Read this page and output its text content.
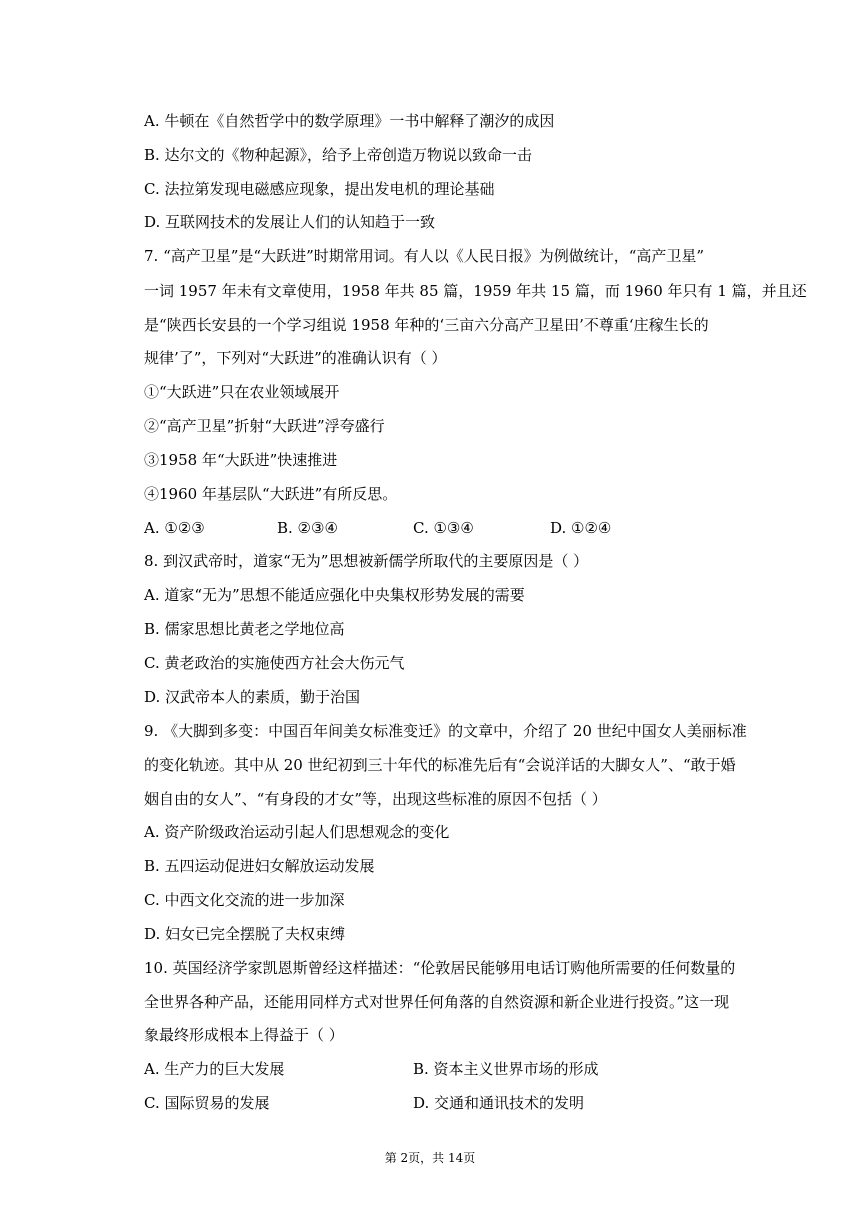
A. 牛顿在《自然哲学中的数学原理》一书中解释了潮汐的成因
B. 达尔文的《物种起源》，给予上帝创造万物说以致命一击
C. 法拉第发现电磁感应现象，提出发电机的理论基础
D. 互联网技术的发展让人们的认知趋于一致
7. “高产卫星”是“大跃进”时期常用词。有人以《人民日报》为例做统计，“高产卫星”
一词 1957 年未有文章使用，1958 年共 85 篇，1959 年共 15 篇，而 1960 年只有 1 篇，并且还
是“陕西长安县的一个学习组说 1958 年种的‘三亩六分高产卫星田’不尊重‘庄稼生长的
规律’了”，下列对“大跃进”的准确认识有（ ）
①“大跃进”只在农业领域展开
②“高产卫星”折射“大跃进”浮夸盛行
③1958 年“大跃进”快速推进
④1960 年基层队“大跃进”有所反思。
A. ①②③	B. ②③④	C. ①③④	D. ①②④
8. 到汉武帝时，道家“无为”思想被新儒学所取代的主要原因是（ ）
A. 道家“无为”思想不能适应强化中央集权形势发展的需要
B. 儒家思想比黄老之学地位高
C. 黄老政治的实施使西方社会大伤元气
D. 汉武帝本人的素质，勤于治国
9. 《大脚到多变：中国百年间美女标准变迁》的文章中，介绍了 20 世纪中国女人美丽标准
的变化轨迹。其中从 20 世纪初到三十年代的标准先后有“会说洋话的大脚女人”、“敢于婚
姻自由的女人”、“有身段的才女”等，出现这些标准的原因不包括（ ）
A. 资产阶级政治运动引起人们思想观念的变化
B. 五四运动促进妇女解放运动发展
C. 中西文化交流的进一步加深
D. 妇女已完全摆脱了夫权束缚
10. 英国经济学家凯恩斯曾经这样描述：“伦敦居民能够用电话订购他所需要的任何数量的
全世界各种产品，还能用同样方式对世界任何角落的自然资源和新企业进行投资。”这一现
象最终形成根本上得益于（ ）
A. 生产力的巨大发展	B. 资本主义世界市场的形成
C. 国际贸易的发展	D. 交通和通讯技术的发明
第 2页，共 14页
